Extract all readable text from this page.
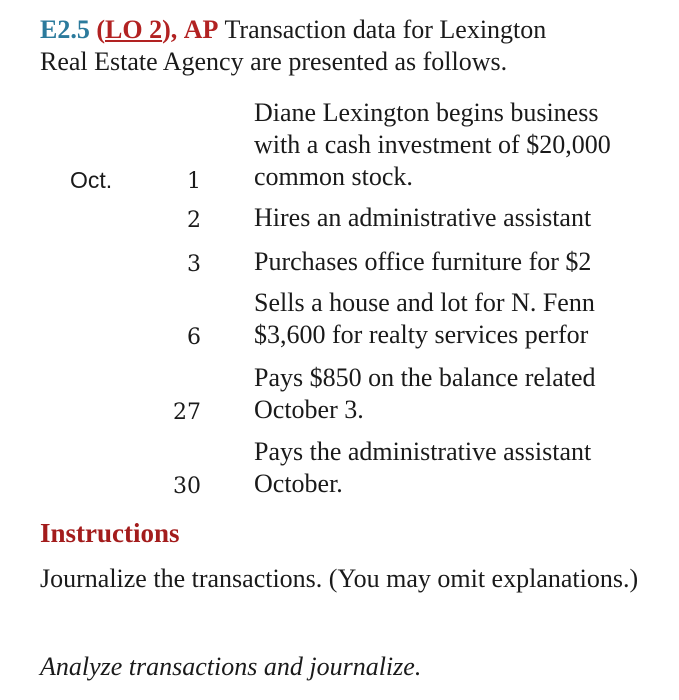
E2.5 (LO 2), AP Transaction data for Lexington
Real Estate Agency are presented as follows.
Oct.	1
Diane Lexington begins business
with a cash investment of $20,000
common stock.
2 Hires an administrative assistant
3 Purchases office furniture for $2
6
Sells a house and lot for N. Fenn
$3,600 for realty services perfor
27
Pays $850 on the balance related
October 3.
30
Pays the administrative assistant
October.
Instructions
Journalize the transactions. (You may omit explanations.)
Analyze transactions and journalize.
